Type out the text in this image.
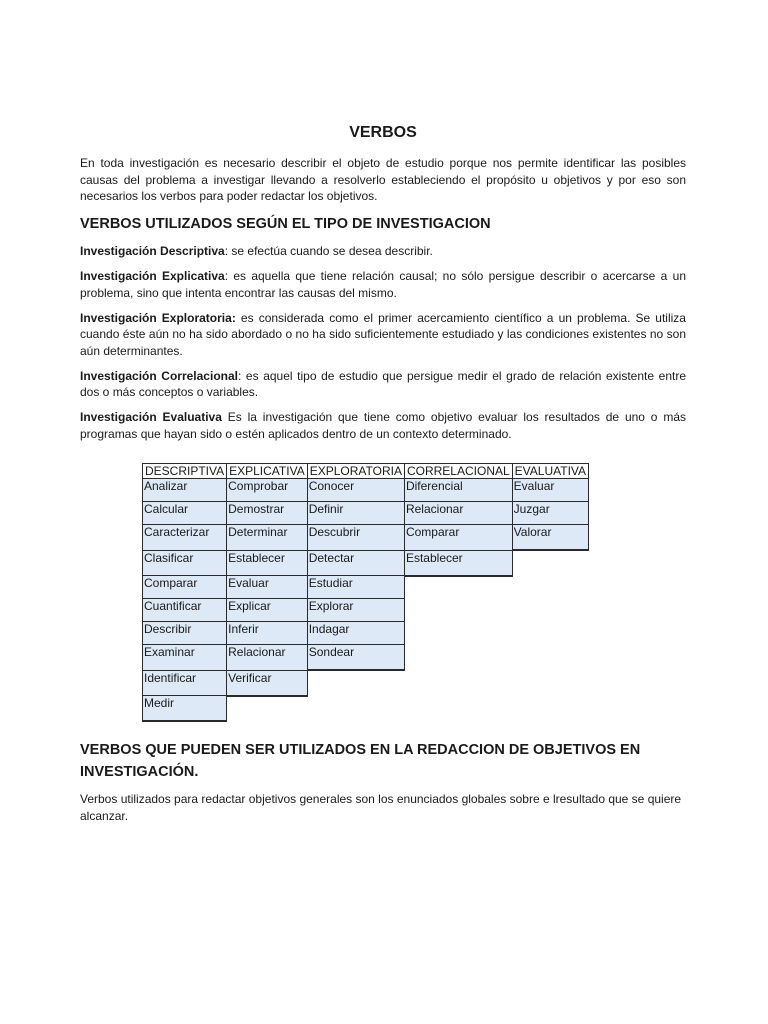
VERBOS

En toda investigación es necesario describir el objeto de estudio porque nos permite identificar las posibles causas del problema a investigar llevando a resolverlo estableciendo el propósito u objetivos y por eso son necesarios los verbos para poder redactar los objetivos.

VERBOS UTILIZADOS SEGÚN EL TIPO DE INVESTIGACION

Investigación Descriptiva: se efectúa cuando se desea describir.

Investigación Explicativa: es aquella que tiene relación causal; no sólo persigue describir o acercarse a un problema, sino que intenta encontrar las causas del mismo.

Investigación Exploratoria: es considerada como el primer acercamiento científico a un problema. Se utiliza cuando éste aún no ha sido abordado o no ha sido suficientemente estudiado y las condiciones existentes no son aún determinantes.

Investigación Correlacional: es aquel tipo de estudio que persigue medir el grado de relación existente entre dos o más conceptos o variables.

Investigación Evaluativa Es la investigación que tiene como objetivo evaluar los resultados de uno o más programas que hayan sido o estén aplicados dentro de un contexto determinado.

DESCRIPTIVA	EXPLICATIVA	EXPLORATORIA	CORRELACIONAL	EVALUATIVA
Analizar	Comprobar	Conocer	Diferencial	Evaluar
Calcular	Demostrar	Definir	Relacionar	Juzgar
Caracterizar	Determinar	Descubrir	Comparar	Valorar
Clasificar	Establecer	Detectar	Establecer	
Comparar	Evaluar	Estudiar		
Cuantificar	Explicar	Explorar		
Describir	Inferir	Indagar		
Examinar	Relacionar	Sondear		
Identificar	Verificar			
Medir				
VERBOS QUE PUEDEN SER UTILIZADOS EN LA REDACCION DE OBJETIVOS EN INVESTIGACIÓN.

Verbos utilizados para redactar objetivos generales son los enunciados globales sobre e lresultado que se quiere alcanzar.
